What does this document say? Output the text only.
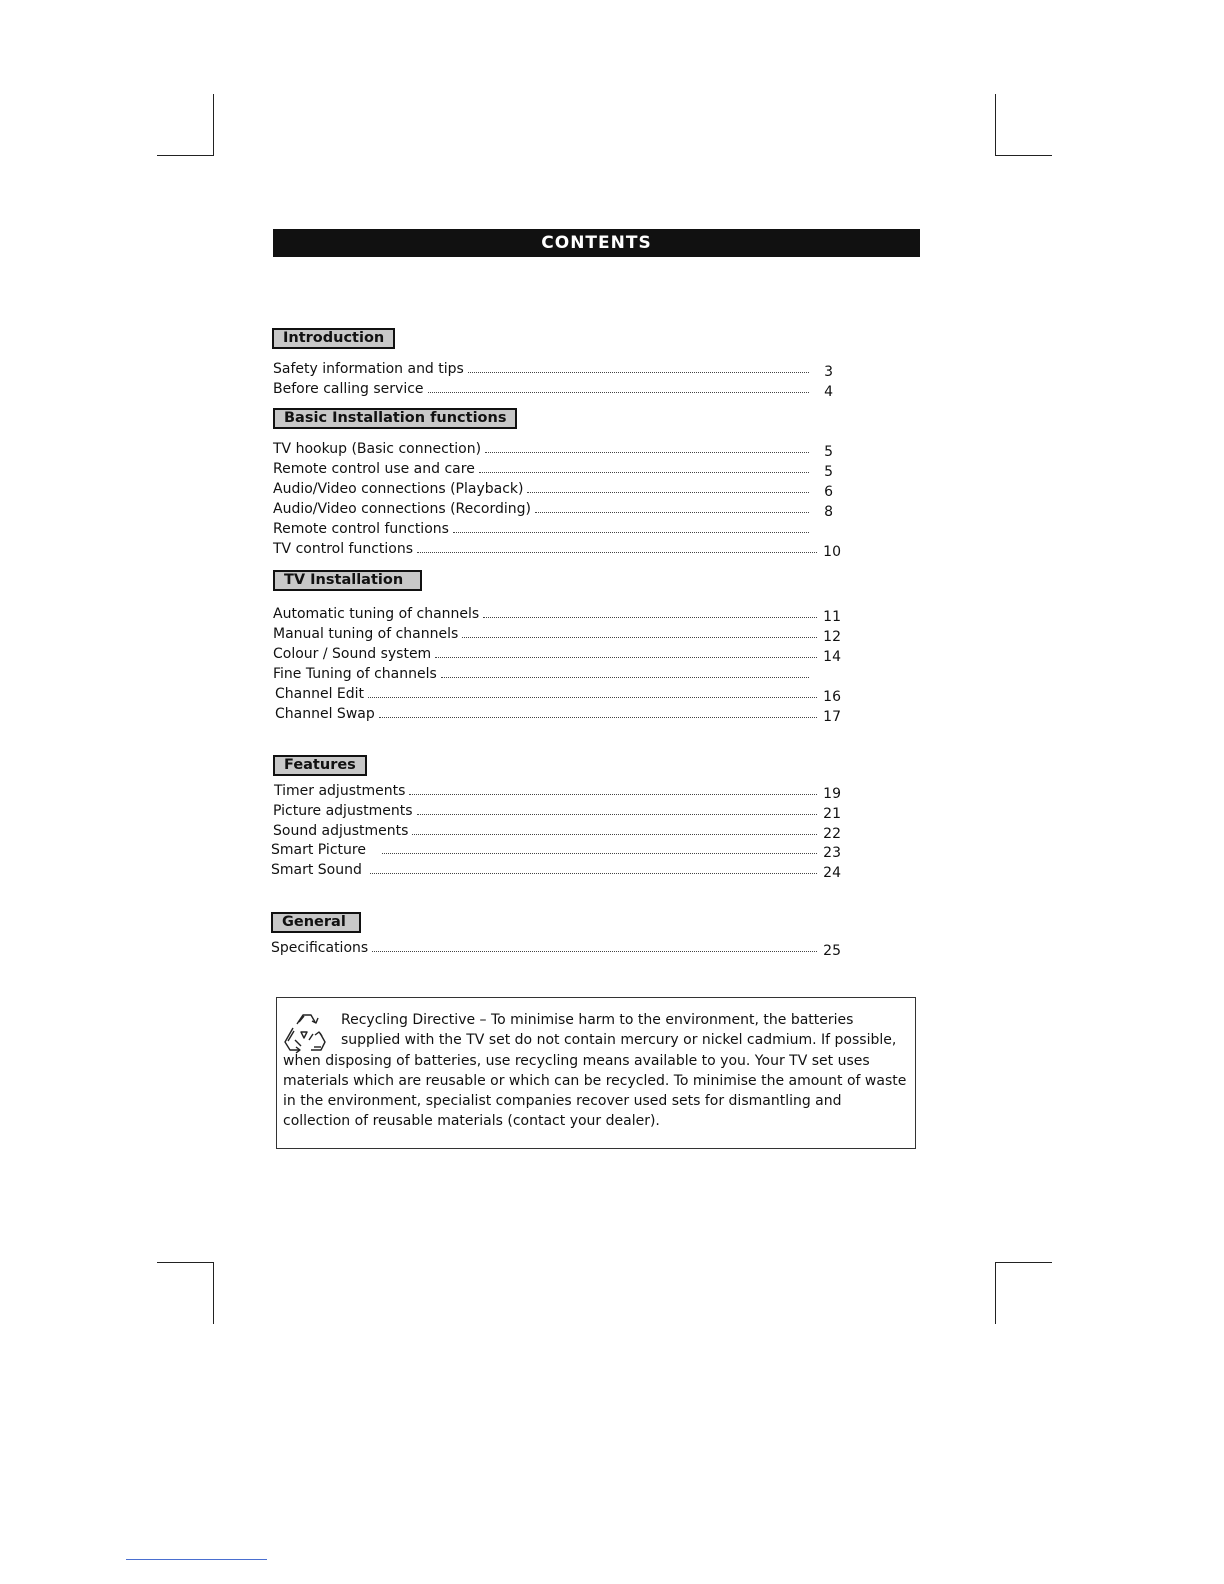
CONTENTS
Introduction
Safety information and tips	3
Before calling service	4
Basic Installation functions
TV hookup (Basic connection)	5
Remote control use and care	5
Audio/Video connections (Playback)	6
Audio/Video connections (Recording)	8
Remote control functions
TV control functions	10
TV Installation
Automatic tuning of channels	11
Manual tuning of channels	12
Colour / Sound system	14
Fine Tuning of channels
Channel Edit	16
Channel Swap	17
Features
Timer adjustments	19
Picture adjustments	21
Sound adjustments	22
Smart Picture	23
Smart Sound	24
General
Specifications	25
Recycling Directive – To minimise harm to the environment, the batteries supplied with the TV set do not contain mercury or nickel cadmium. If possible, when disposing of batteries, use recycling means available to you. Your TV set uses materials which are reusable or which can be recycled. To minimise the amount of waste in the environment, specialist companies recover used sets for dismantling and collection of reusable materials (contact your dealer).
